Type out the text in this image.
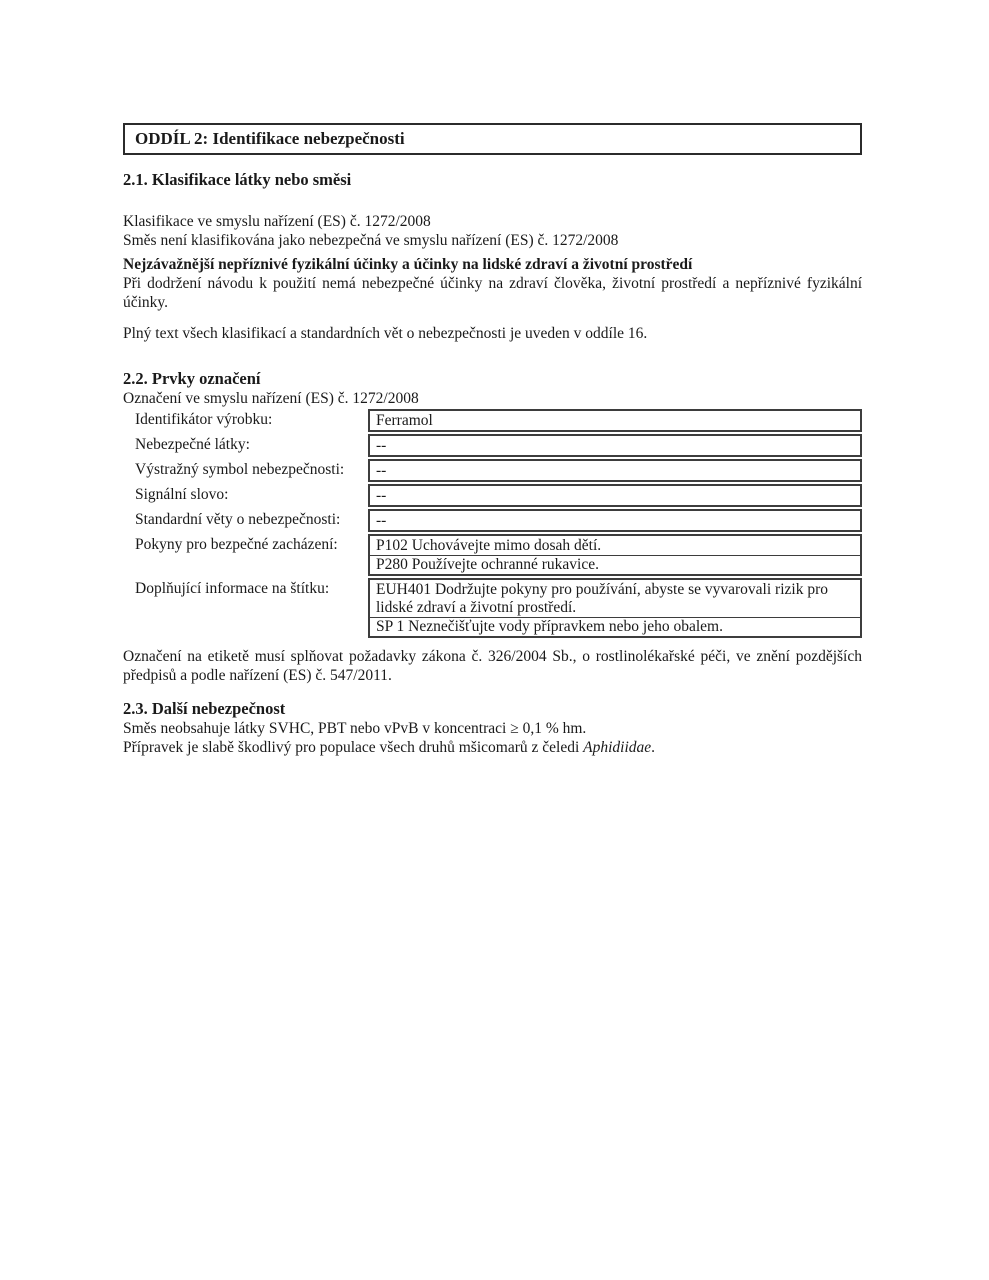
ODDÍL 2: Identifikace nebezpečnosti
2.1. Klasifikace látky nebo směsi
Klasifikace ve smyslu nařízení (ES) č. 1272/2008
Směs není klasifikována jako nebezpečná ve smyslu nařízení (ES) č. 1272/2008
Nejzávažnější nepříznivé fyzikální účinky a účinky na lidské zdraví a životní prostředí
Při dodržení návodu k použití nemá nebezpečné účinky na zdraví člověka, životní prostředí a nepříznivé fyzikální účinky.
Plný text všech klasifikací a standardních vět o nebezpečnosti je uveden v oddíle 16.
2.2. Prvky označení
Označení ve smyslu nařízení (ES) č. 1272/2008
Identifikátor výrobku:	Ferramol
Nebezpečné látky:	--
Výstražný symbol nebezpečnosti:	--
Signální slovo:	--
Standardní věty o nebezpečnosti:	--
Pokyny pro bezpečné zacházení:	P102 Uchovávejte mimo dosah dětí.
P280 Používejte ochranné rukavice.
Doplňující informace na štítku:	EUH401 Dodržujte pokyny pro používání, abyste se vyvarovali rizik pro lidské zdraví a životní prostředí.
SP 1 Neznečišťujte vody přípravkem nebo jeho obalem.
Označení na etiketě musí splňovat požadavky zákona č. 326/2004 Sb., o rostlinolékařské péči, ve znění pozdějších předpisů a podle nařízení (ES) č. 547/2011.
2.3. Další nebezpečnost
Směs neobsahuje látky SVHC, PBT nebo vPvB v koncentraci ≥ 0,1 % hm.
Přípravek je slabě škodlivý pro populace všech druhů mšicomarů z čeledi Aphidiidae.
